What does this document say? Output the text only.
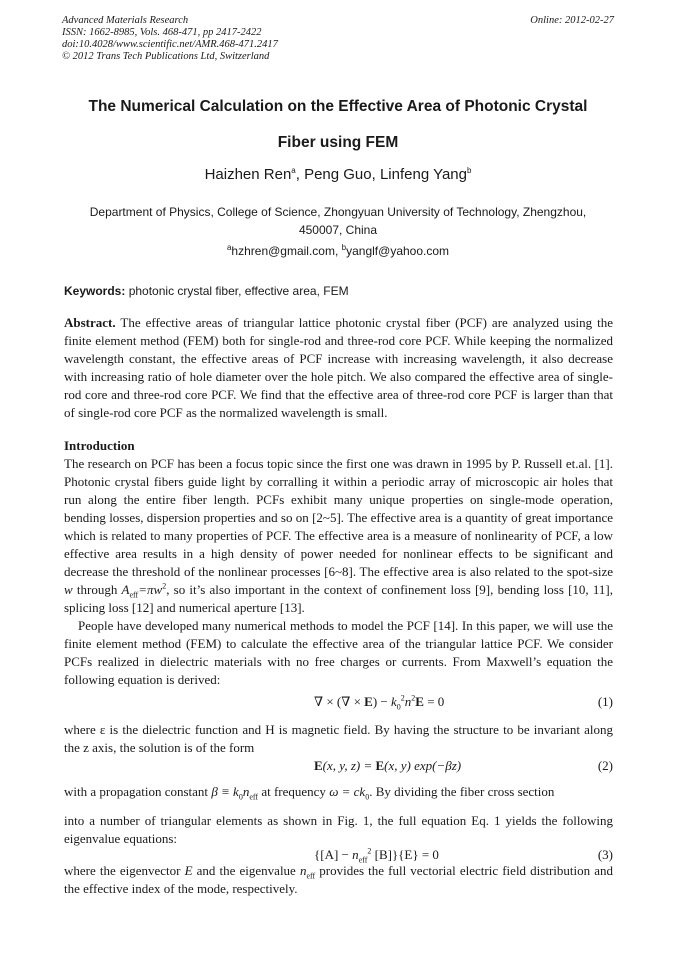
Advanced Materials Research
ISSN: 1662-8985, Vols. 468-471, pp 2417-2422
doi:10.4028/www.scientific.net/AMR.468-471.2417
© 2012 Trans Tech Publications Ltd, Switzerland
Online: 2012-02-27
The Numerical Calculation on the Effective Area of Photonic Crystal
Fiber using FEM
Haizhen Ren$^a$, Peng Guo, Linfeng Yang$^b$
Department of Physics, College of Science, Zhongyuan University of Technology, Zhengzhou,
450007, China
$^a$hzhren@gmail.com, $^b$yanglf@yahoo.com
Keywords: photonic crystal fiber, effective area, FEM

Abstract. The effective areas of triangular lattice photonic crystal fiber (PCF) are analyzed using the finite element method (FEM) both for single-rod and three-rod core PCF. While keeping the normalized wavelength constant, the effective areas of PCF increase with increasing wavelength, it also decrease with increasing ratio of hole diameter over the hole pitch. We also compared the effective area of single-rod core and three-rod core PCF. We find that the effective area of three-rod core PCF is larger than that of single-rod core PCF as the normalized wavelength is small.

Introduction

The research on PCF has been a focus topic since the first one was drawn in 1995 by P. Russell et.al. [1]. Photonic crystal fibers guide light by corralling it within a periodic array of microscopic air holes that run along the entire fiber length. PCFs exhibit many unique properties on single-mode operation, bending losses, dispersion properties and so on [2~5]. The effective area is a quantity of great importance which is related to many properties of PCF. The effective area is a measure of nonlinearity of PCF, a low effective area results in a high density of power needed for nonlinear effects to be significant and decrease the threshold of the nonlinear processes [6~8]. The effective area is also related to the spot-size w through $A_{eff}=\pi w^2$, so it’s also important in the context of confinement loss [9], bending loss [10, 11], splicing loss [12] and numerical aperture [13].

People have developed many numerical methods to model the PCF [14]. In this paper, we will use the finite element method (FEM) to calculate the effective area of the triangular lattice PCF. We consider PCFs realized in dielectric materials with no free charges or currents. From Maxwell’s equation the following equation is derived:

∇ × (∇ × $E) - k_0^2n^2E = 0$	(1)

where ε is the dielectric function and H is magnetic field. By having the structure to be invariant along the z axis, the solution is of the form

E(x, y, z) = E(x, y) exp(−βz)	(2)

with a propagation constant $\beta \equiv k_0n_{eff}$ at frequency $\omega = ck_0$. By dividing the fiber cross section

into a number of triangular elements as shown in Fig. 1, the full equation Eq. 1 yields the following eigenvalue equations:

{$[A] - n_{eff}^2$ [B]}{E} = 0	(3)

where the eigenvector E and the eigenvalue $n_{eff}$ provides the full vectorial electric field distribution and the effective index of the mode, respectively.
